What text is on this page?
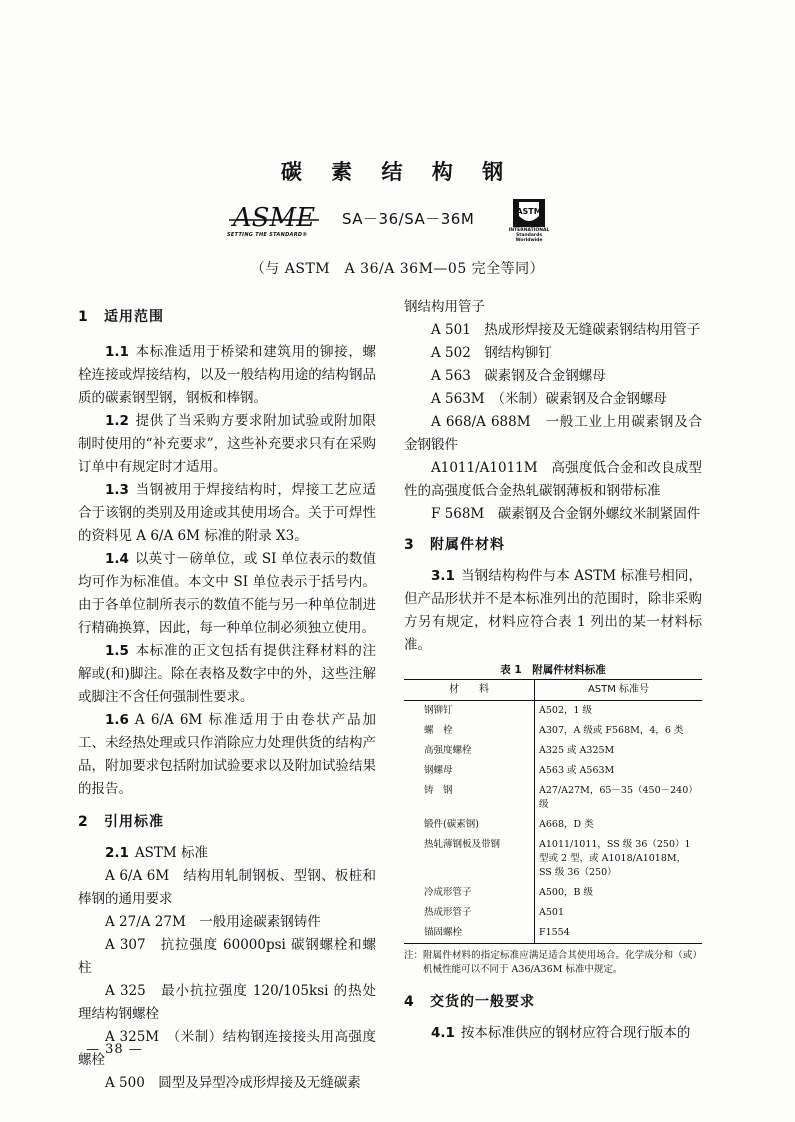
碳 素 结 构 钢
ASME
SETTING THE STANDARD®
SA－36/SA－36M	ASTM
INTERNATIONAL
Standards Worldwide
（与 ASTM　A 36/A 36M—05 完全等同）
1 适用范围

1.1 本标准适用于桥梁和建筑用的铆接，螺栓连接或焊接结构，以及一般结构用途的结构钢品质的碳素钢型钢，钢板和棒钢。

1.2 提供了当采购方要求附加试验或附加限制时使用的“补充要求”，这些补充要求只有在采购订单中有规定时才适用。

1.3 当钢被用于焊接结构时，焊接工艺应适合于该钢的类别及用途或其使用场合。关于可焊性的资料见 A 6/A 6M 标准的附录 X3。

1.4 以英寸－磅单位，或 SI 单位表示的数值均可作为标准值。本文中 SI 单位表示于括号内。由于各单位制所表示的数值不能与另一种单位制进行精确换算，因此，每一种单位制必须独立使用。

1.5 本标准的正文包括有提供注释材料的注解或(和)脚注。除在表格及数字中的外，这些注解或脚注不含任何强制性要求。

1.6 A 6/A 6M 标准适用于由卷状产品加工、未经热处理或只作消除应力处理供货的结构产品，附加要求包括附加试验要求以及附加试验结果的报告。

2 引用标准

2.1 ASTM 标准

A 6/A 6M　结构用轧制钢板、型钢、板桩和棒钢的通用要求

A 27/A 27M　一般用途碳素钢铸件

A 307　抗拉强度 60000psi 碳钢螺栓和螺柱

A 325　最小抗拉强度 120/105ksi 的热处理结构钢螺栓

A 325M　（米制）结构钢连接接头用高强度螺栓

A 500　圆型及异型冷成形焊接及无缝碳素

钢结构用管子

A 501　热成形焊接及无缝碳素钢结构用管子

A 502　钢结构铆钉

A 563　碳素钢及合金钢螺母

A 563M　（米制）碳素钢及合金钢螺母

A 668/A 688M　一般工业上用碳素钢及合金钢锻件

A1011/A1011M　高强度低合金和改良成型性的高强度低合金热轧碳钢薄板和钢带标准

F 568M　碳素钢及合金钢外螺纹米制紧固件

3 附属件材料

3.1 当钢结构构件与本 ASTM 标准号相同，但产品形状并不是本标准列出的范围时，除非采购方另有规定，材料应符合表 1 列出的某一材料标准。

表 1　附属件材料标准
材　　料	ASTM 标准号
钢铆钉	A502，1 级
螺　栓	A307，A 级或 F568M，4，6 类
高强度螺栓	A325 或 A325M
钢螺母	A563 或 A563M
铸　钢	A27/A27M，65－35（450－240）级
锻件(碳素钢)	A668，D 类
热轧薄钢板及带钢	A1011/1011，SS 级 36（250）1 型或 2 型，或 A1018/A1018M，SS 级 36（250）
冷成形管子	A500，B 级
热成形管子	A501
锚固螺栓	F1554
注： 附属件材料的指定标准应满足适合其使用场合。化学成分和（或）机械性能可以不同于 A36/A36M 标准中规定。
4 交货的一般要求

4.1 按本标准供应的钢材应符合现行版本的

— 38 —
